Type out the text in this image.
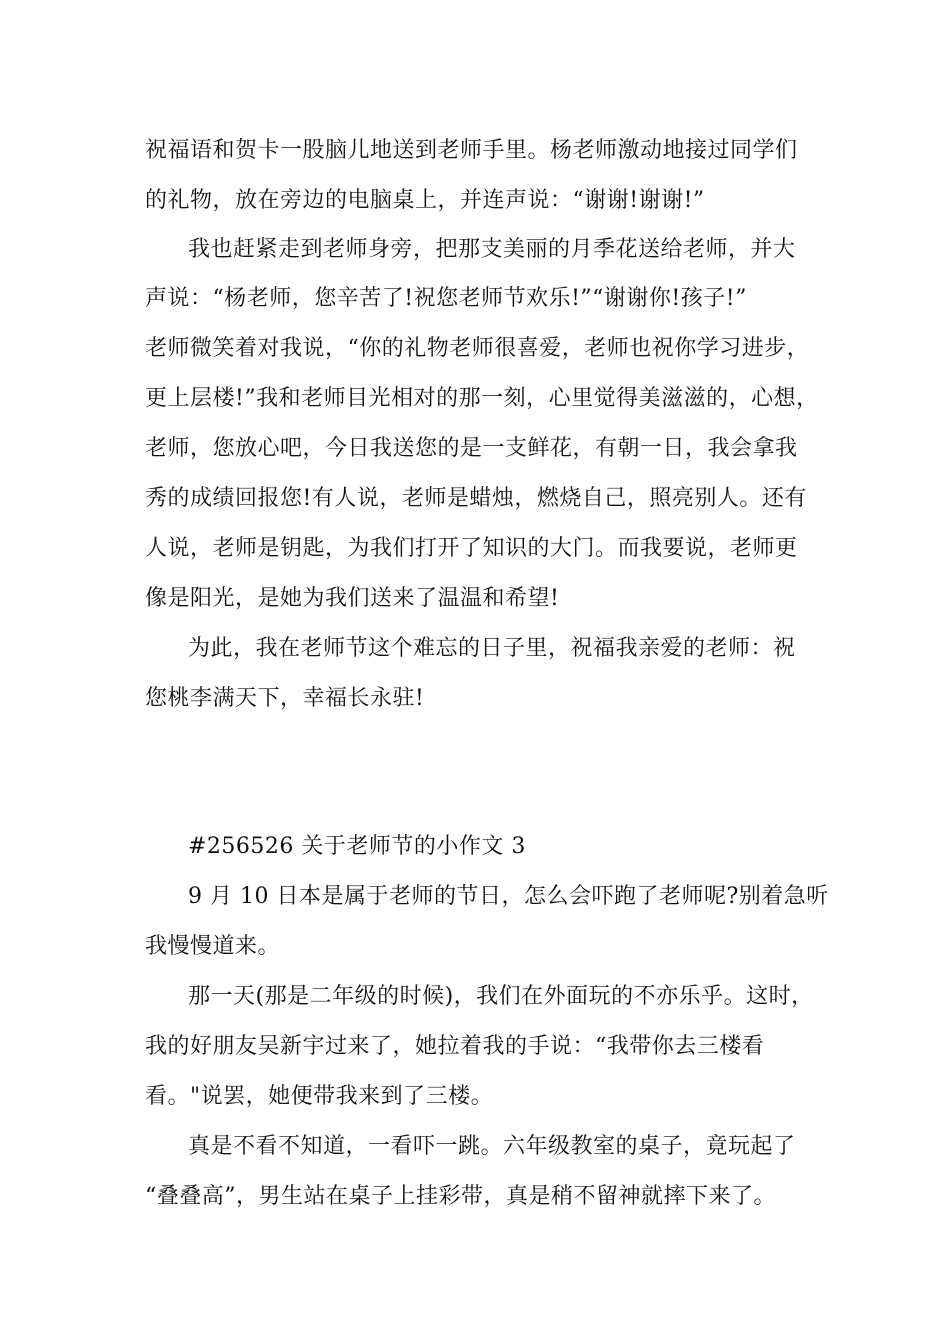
祝福语和贺卡一股脑儿地送到老师手里。杨老师激动地接过同学们
的礼物，放在旁边的电脑桌上，并连声说：“谢谢!谢谢!”
我也赶紧走到老师身旁，把那支美丽的月季花送给老师，并大
声说：“杨老师，您辛苦了!祝您老师节欢乐!”“谢谢你!孩子!”
老师微笑着对我说，“你的礼物老师很喜爱，老师也祝你学习进步，
更上层楼!”我和老师目光相对的那一刻，心里觉得美滋滋的，心想，
老师，您放心吧，今日我送您的是一支鲜花，有朝一日，我会拿我
秀的成绩回报您!有人说，老师是蜡烛，燃烧自己，照亮别人。还有
人说，老师是钥匙，为我们打开了知识的大门。而我要说，老师更
像是阳光，是她为我们送来了温温和希望!
为此，我在老师节这个难忘的日子里，祝福我亲爱的老师：祝
您桃李满天下，幸福长永驻!
#256526 关于老师节的小作文 3
9 月 10 日本是属于老师的节日，怎么会吓跑了老师呢?别着急听
我慢慢道来。
那一天(那是二年级的时候)，我们在外面玩的不亦乐乎。这时，
我的好朋友吴新宇过来了，她拉着我的手说：“我带你去三楼看
看。"说罢，她便带我来到了三楼。
真是不看不知道，一看吓一跳。六年级教室的桌子，竟玩起了
“叠叠高”，男生站在桌子上挂彩带，真是稍不留神就摔下来了。
